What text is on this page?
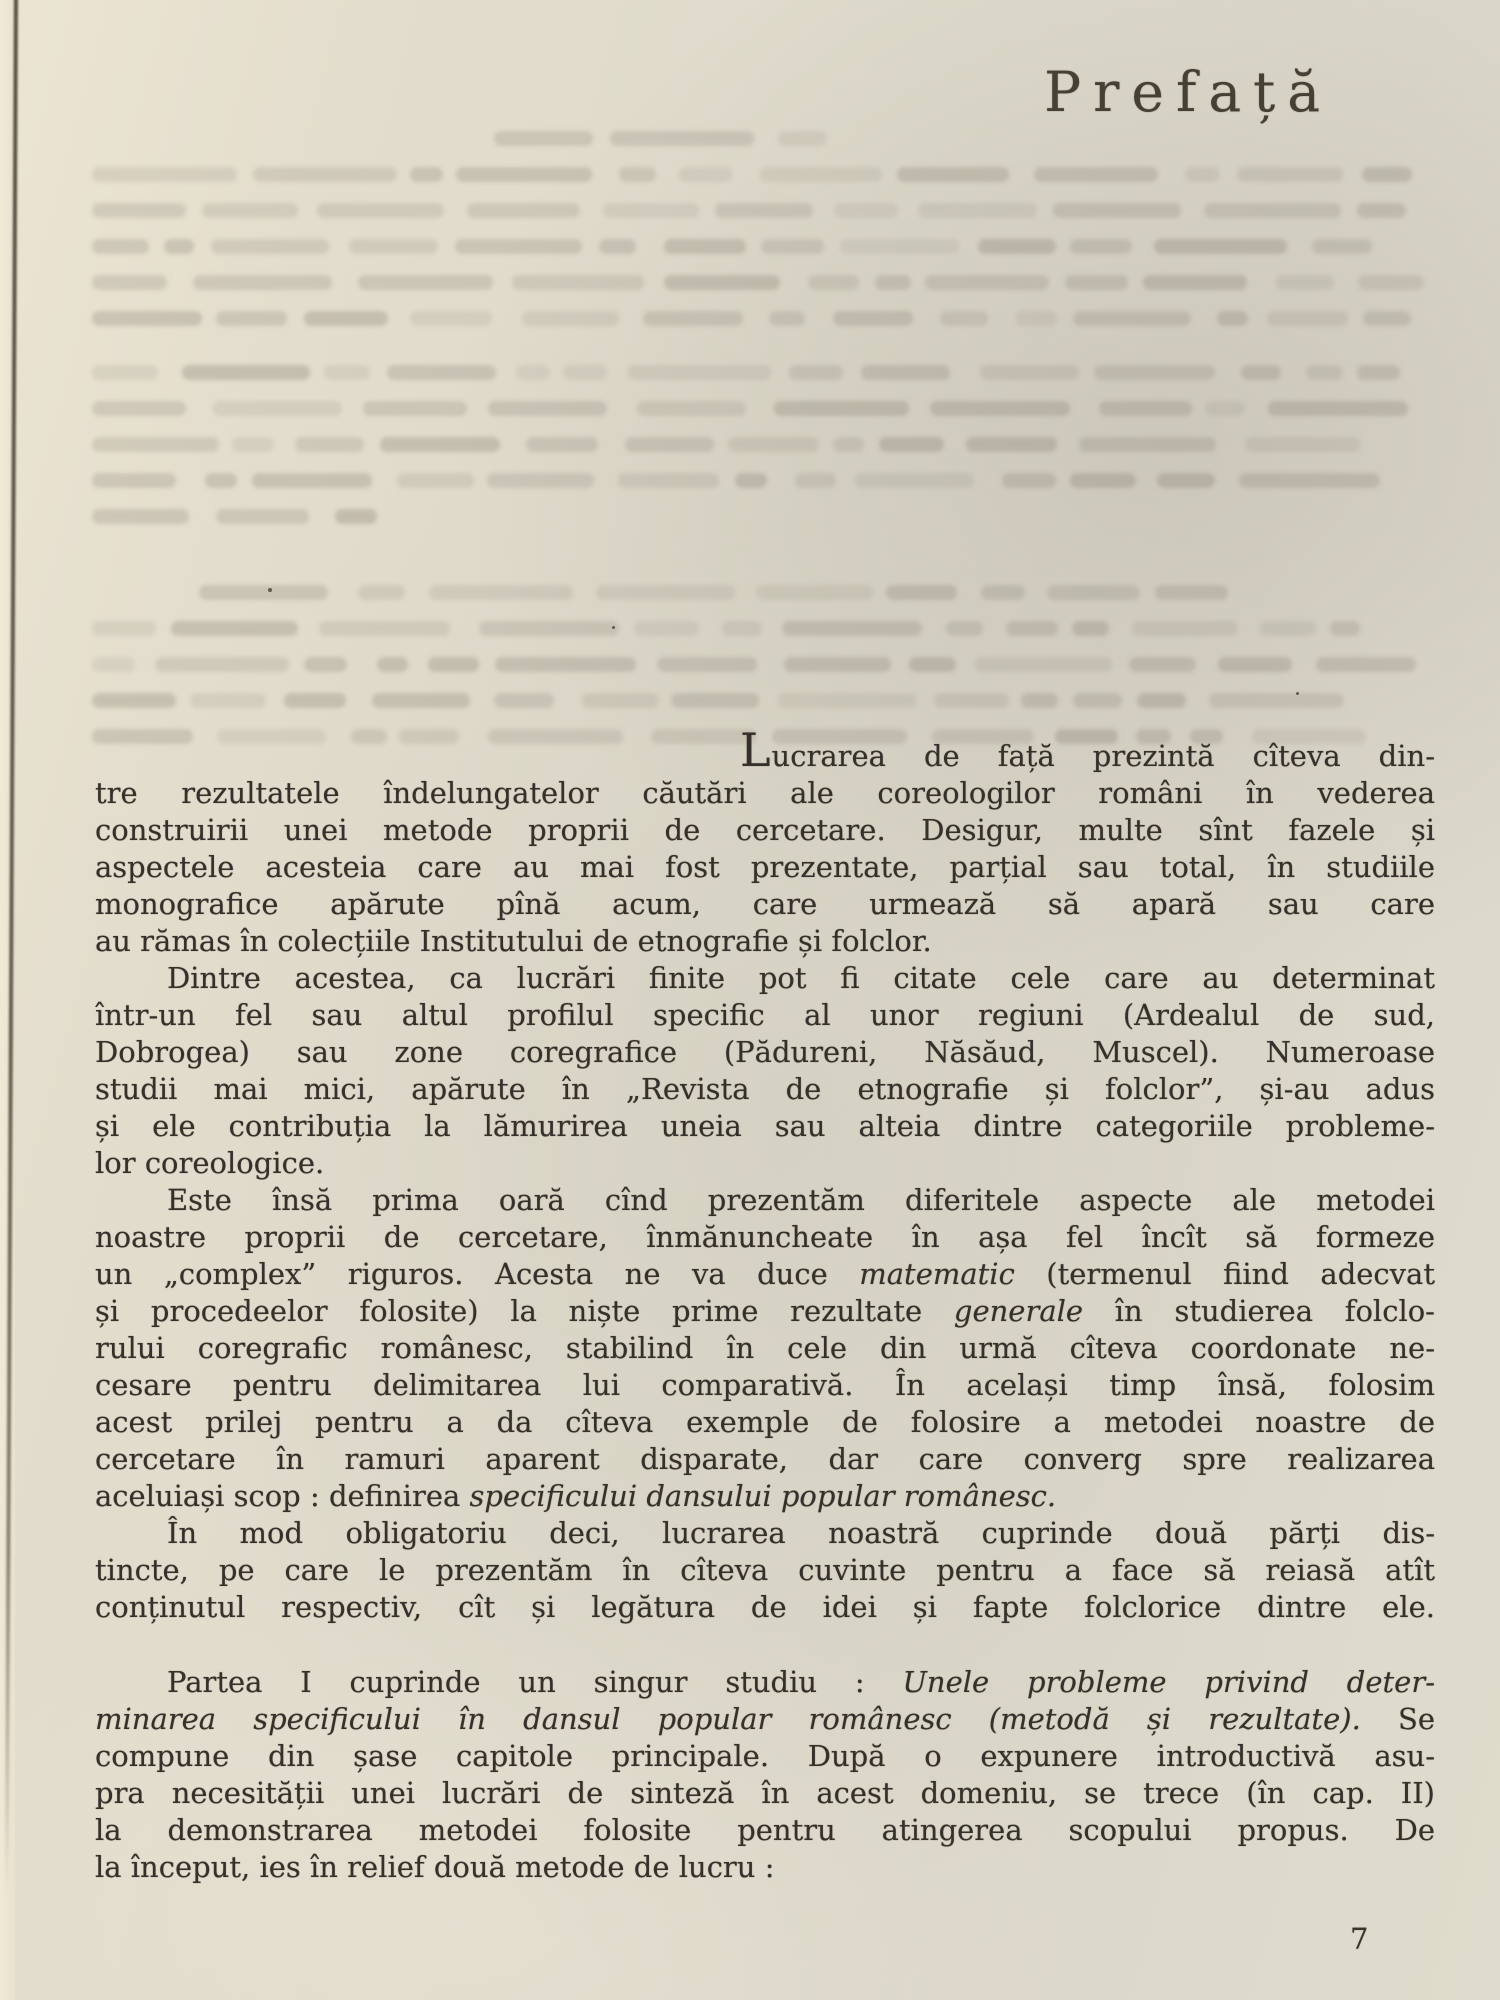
Prefață
Lucrarea de față prezintă cîteva din-
tre rezultatele îndelungatelor căutări ale coreologilor români în vederea
construirii unei metode proprii de cercetare. Desigur, multe sînt fazele și
aspectele acesteia care au mai fost prezentate, parțial sau total, în studiile
monografice apărute pînă acum, care urmează să apară sau care
au rămas în colecțiile Institutului de etnografie și folclor.
Dintre acestea, ca lucrări finite pot fi citate cele care au determinat
într-un fel sau altul profilul specific al unor regiuni (Ardealul de sud,
Dobrogea) sau zone coregrafice (Pădureni, Năsăud, Muscel). Numeroase
studii mai mici, apărute în „Revista de etnografie și folclor”, și-au adus
și ele contribuția la lămurirea uneia sau alteia dintre categoriile probleme-
lor coreologice.
Este însă prima oară cînd prezentăm diferitele aspecte ale metodei
noastre proprii de cercetare, înmănuncheate în așa fel încît să formeze
un „complex” riguros. Acesta ne va duce matematic (termenul fiind adecvat
și procedeelor folosite) la niște prime rezultate generale în studierea folclo-
rului coregrafic românesc, stabilind în cele din urmă cîteva coordonate ne-
cesare pentru delimitarea lui comparativă. În același timp însă, folosim
acest prilej pentru a da cîteva exemple de folosire a metodei noastre de
cercetare în ramuri aparent disparate, dar care converg spre realizarea
aceluiași scop : definirea specificului dansului popular românesc.
În mod obligatoriu deci, lucrarea noastră cuprinde două părți dis-
tincte, pe care le prezentăm în cîteva cuvinte pentru a face să reiasă atît
conținutul respectiv, cît și legătura de idei și fapte folclorice dintre ele.
Partea I cuprinde un singur studiu : Unele probleme privind deter-
minarea specificului în dansul popular românesc (metodă și rezultate). Se
compune din șase capitole principale. După o expunere introductivă asu-
pra necesității unei lucrări de sinteză în acest domeniu, se trece (în cap. II)
la demonstrarea metodei folosite pentru atingerea scopului propus. De
la început, ies în relief două metode de lucru :
7
